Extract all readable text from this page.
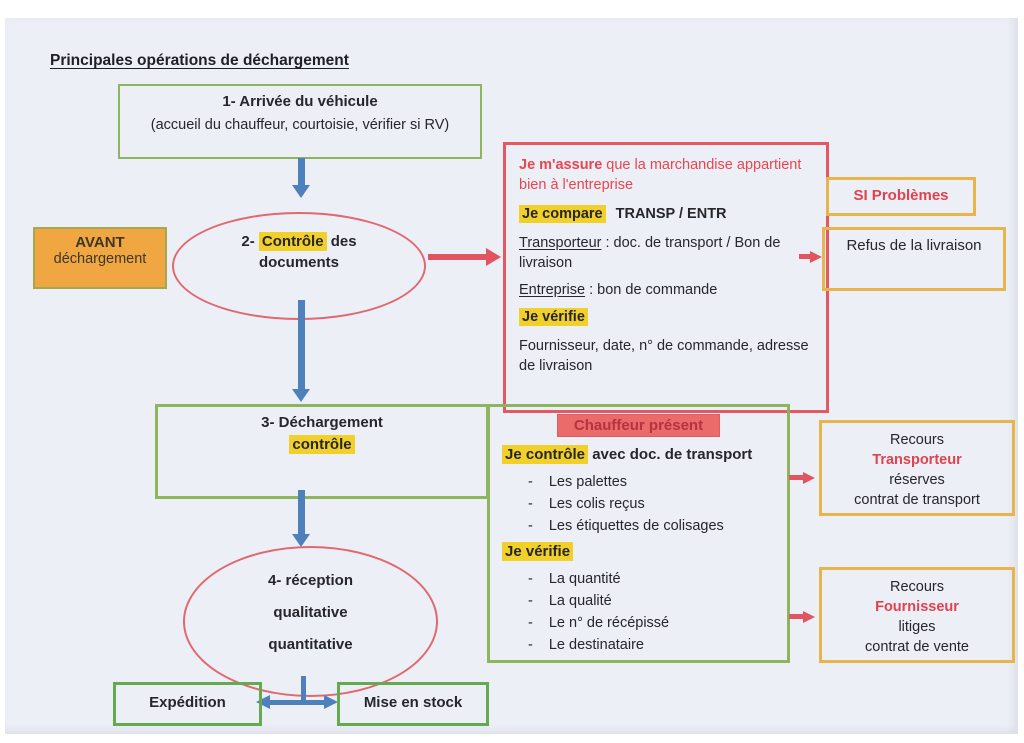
Principales opérations de déchargement
1- Arrivée du véhicule
(accueil du chauffeur, courtoisie, vérifier si RV)
AVANT
déchargement
2- Contrôle des
documents

Je m'assure que la marchandise appartient bien à l'entreprise

Je compare TRANSP / ENTR

Transporteur : doc. de transport / Bon de livraison

Entreprise : bon de commande

Je vérifie

Fournisseur, date, n° de commande, adresse de livraison

SI Problèmes
Refus de la livraison
3- Déchargement
contrôle
Chauffeur présent
Je contrôle avec doc. de transport
- Les palettes
- Les colis reçus
- Les étiquettes de colisages
Je vérifie
- La quantité
- La qualité
- Le n° de récépissé
- Le destinataire
Recours
Transporteur
réserves
contrat de transport
Recours
Fournisseur
litiges
contrat de vente
4- réception
qualitative
quantitative
Expédition	Mise en stock
